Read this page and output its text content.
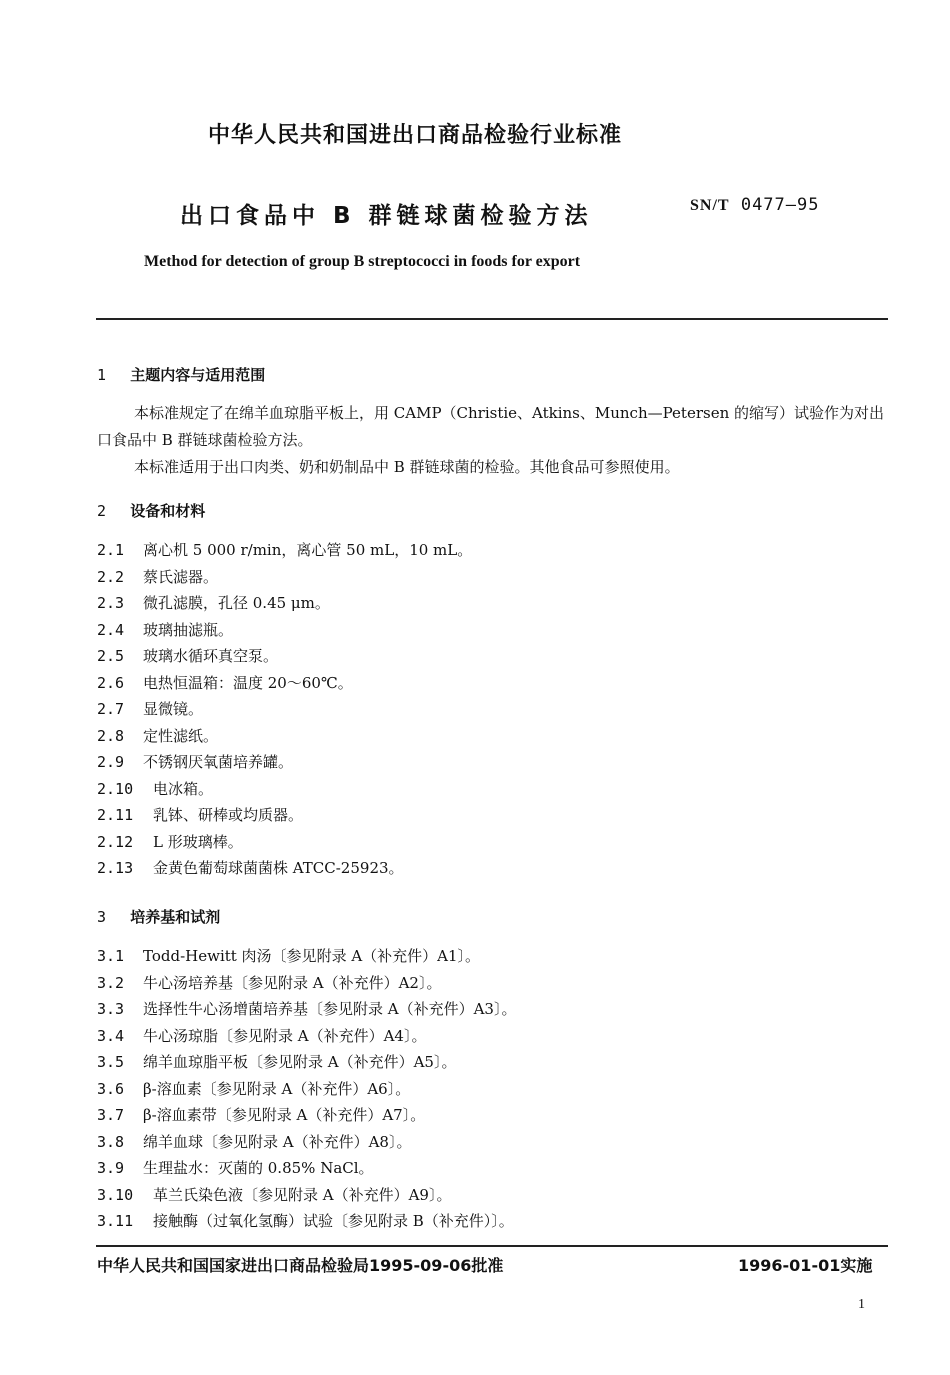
中华人民共和国进出口商品检验行业标准
出口食品中 B 群链球菌检验方法	SN/T 0477—95
Method for detection of group B streptococci in foods for export
1 主题内容与适用范围
本标准规定了在绵羊血琼脂平板上，用 CAMP（Christie、Atkins、Munch—Petersen 的缩写）试验作为对出口食品中 B 群链球菌检验方法。
本标准适用于出口肉类、奶和奶制品中 B 群链球菌的检验。其他食品可参照使用。
2 设备和材料
2.1 离心机 5 000 r/min，离心管 50 mL，10 mL。
2.2 蔡氏滤器。
2.3 微孔滤膜，孔径 0.45 μm。
2.4 玻璃抽滤瓶。
2.5 玻璃水循环真空泵。
2.6 电热恒温箱：温度 20～60℃。
2.7 显微镜。
2.8 定性滤纸。
2.9 不锈钢厌氧菌培养罐。
2.10 电冰箱。
2.11 乳钵、研棒或均质器。
2.12 L 形玻璃棒。
2.13 金黄色葡萄球菌菌株 ATCC-25923。
3 培养基和试剂
3.1 Todd-Hewitt 肉汤〔参见附录 A（补充件）A1〕。
3.2 牛心汤培养基〔参见附录 A（补充件）A2〕。
3.3 选择性牛心汤增菌培养基〔参见附录 A（补充件）A3〕。
3.4 牛心汤琼脂〔参见附录 A（补充件）A4〕。
3.5 绵羊血琼脂平板〔参见附录 A（补充件）A5〕。
3.6 β-溶血素〔参见附录 A（补充件）A6〕。
3.7 β-溶血素带〔参见附录 A（补充件）A7〕。
3.8 绵羊血球〔参见附录 A（补充件）A8〕。
3.9 生理盐水：灭菌的 0.85% NaCl。
3.10 革兰氏染色液〔参见附录 A（补充件）A9〕。
3.11 接触酶（过氧化氢酶）试验〔参见附录 B（补充件）〕。
中华人民共和国国家进出口商品检验局1995-09-06批准	1996-01-01实施
1
